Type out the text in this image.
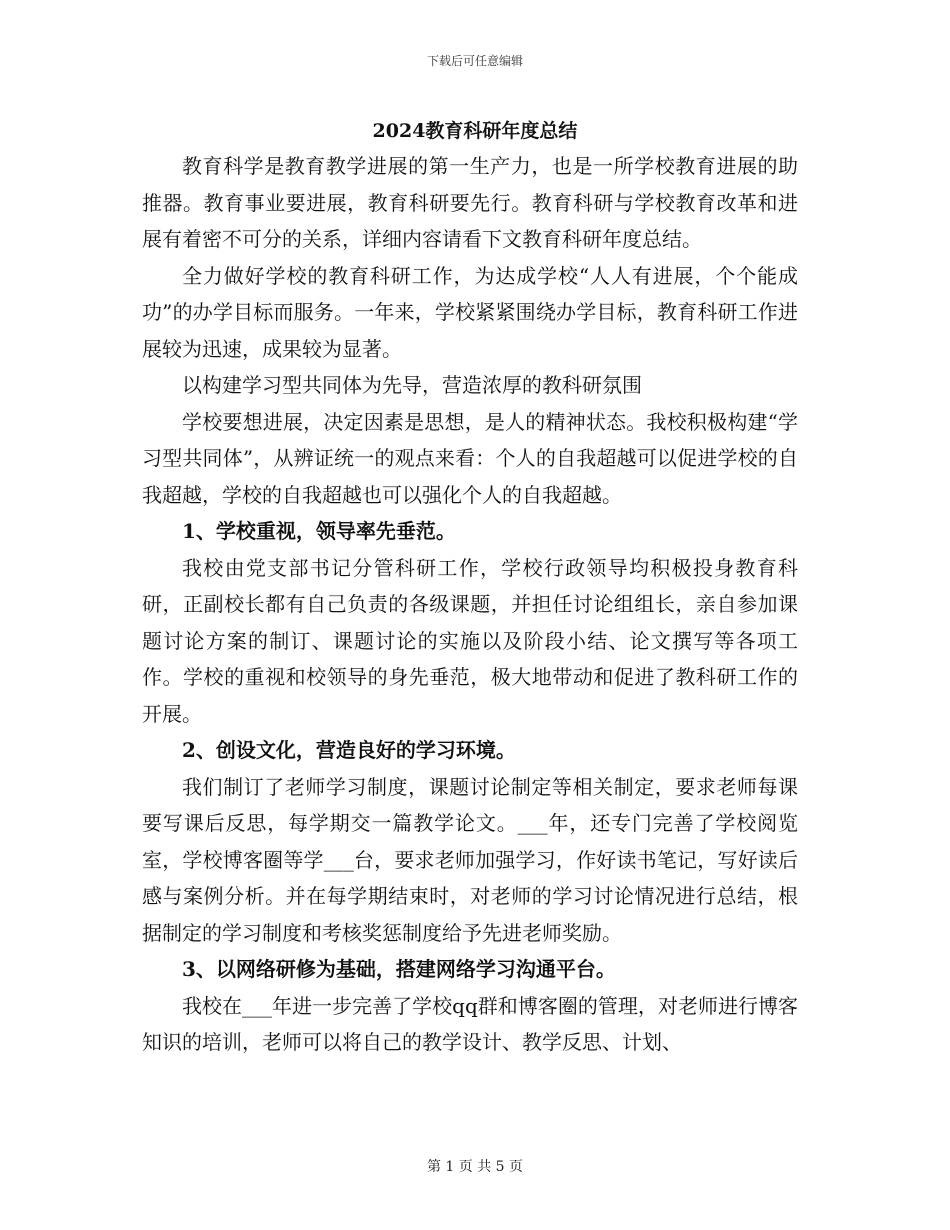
下载后可任意编辑
2024教育科研年度总结

教育科学是教育教学进展的第一生产力，也是一所学校教育进展的助推器。教育事业要进展，教育科研要先行。教育科研与学校教育改革和进展有着密不可分的关系，详细内容请看下文教育科研年度总结。

全力做好学校的教育科研工作，为达成学校“人人有进展，个个能成功”的办学目标而服务。一年来，学校紧紧围绕办学目标，教育科研工作进展较为迅速，成果较为显著。

以构建学习型共同体为先导，营造浓厚的教科研氛围

学校要想进展，决定因素是思想，是人的精神状态。我校积极构建“学习型共同体”，从辨证统一的观点来看：个人的自我超越可以促进学校的自我超越，学校的自我超越也可以强化个人的自我超越。

1、学校重视，领导率先垂范。

我校由党支部书记分管科研工作，学校行政领导均积极投身教育科研，正副校长都有自己负责的各级课题，并担任讨论组组长，亲自参加课题讨论方案的制订、课题讨论的实施以及阶段小结、论文撰写等各项工作。学校的重视和校领导的身先垂范，极大地带动和促进了教科研工作的开展。

2、创设文化，营造良好的学习环境。

我们制订了老师学习制度，课题讨论制定等相关制定，要求老师每课要写课后反思，每学期交一篇教学论文。___年，还专门完善了学校阅览室，学校博客圈等学___台，要求老师加强学习，作好读书笔记，写好读后感与案例分析。并在每学期结束时，对老师的学习讨论情况进行总结，根据制定的学习制度和考核奖惩制度给予先进老师奖励。

3、以网络研修为基础，搭建网络学习沟通平台。

我校在___年进一步完善了学校qq群和博客圈的管理，对老师进行博客知识的培训，老师可以将自己的教学设计、教学反思、计划、

第 1 页 共 5 页
